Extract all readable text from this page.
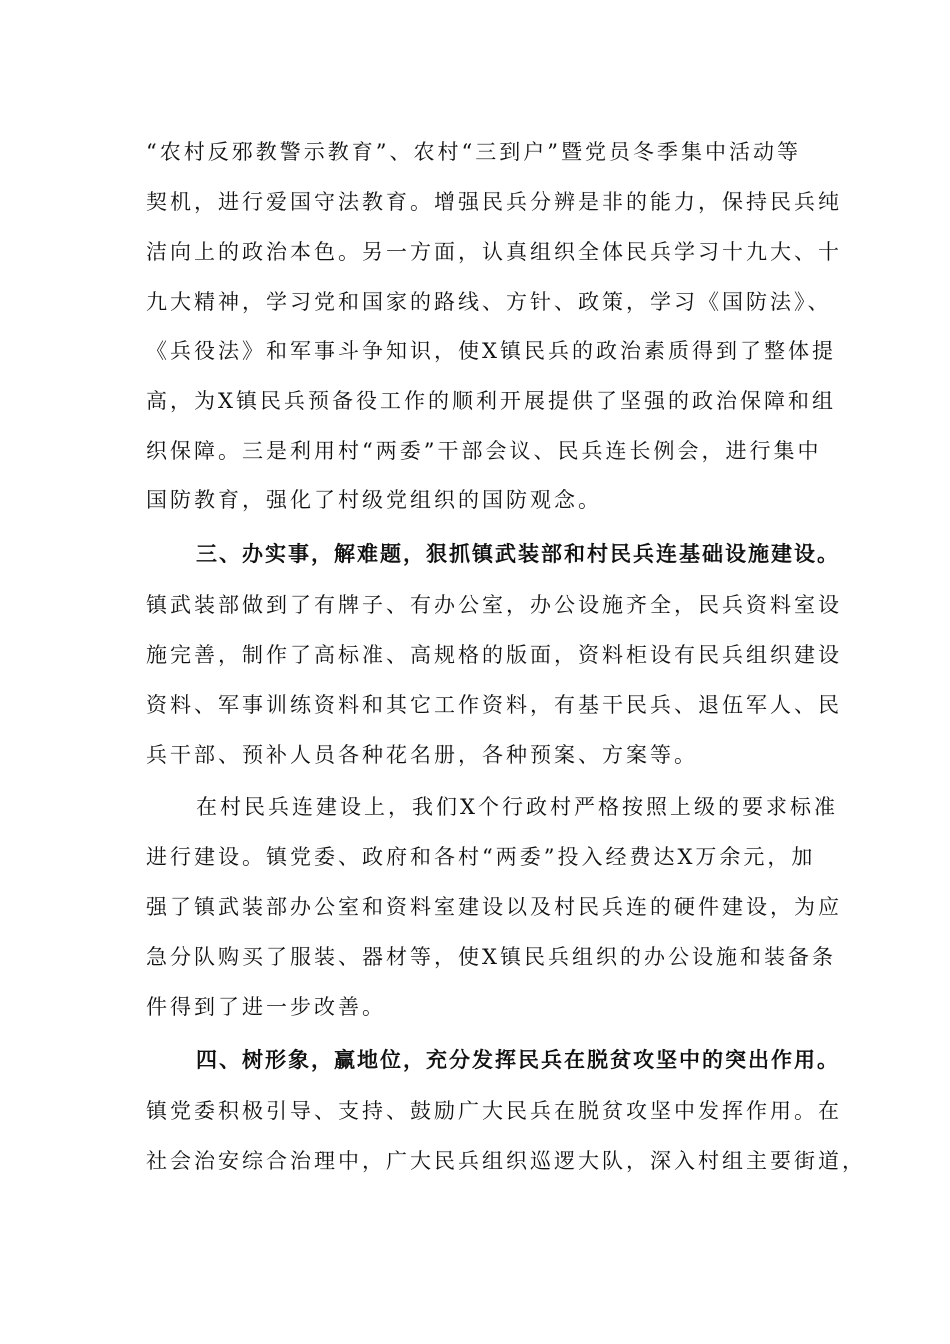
“农村反邪教警示教育”、农村“三到户”暨党员冬季集中活动等
契机，进行爱国守法教育。增强民兵分辨是非的能力，保持民兵纯
洁向上的政治本色。另一方面，认真组织全体民兵学习十九大、十
九大精神，学习党和国家的路线、方针、政策，学习《国防法》、
《兵役法》和军事斗争知识，使X镇民兵的政治素质得到了整体提
高，为X镇民兵预备役工作的顺利开展提供了坚强的政治保障和组
织保障。三是利用村“两委”干部会议、民兵连长例会，进行集中
国防教育，强化了村级党组织的国防观念。
三、办实事，解难题，狠抓镇武装部和村民兵连基础设施建设。
镇武装部做到了有牌子、有办公室，办公设施齐全，民兵资料室设
施完善，制作了高标准、高规格的版面，资料柜设有民兵组织建设
资料、军事训练资料和其它工作资料，有基干民兵、退伍军人、民
兵干部、预补人员各种花名册，各种预案、方案等。
在村民兵连建设上，我们X个行政村严格按照上级的要求标准
进行建设。镇党委、政府和各村“两委”投入经费达X万余元，加
强了镇武装部办公室和资料室建设以及村民兵连的硬件建设，为应
急分队购买了服装、器材等，使X镇民兵组织的办公设施和装备条
件得到了进一步改善。
四、树形象，赢地位，充分发挥民兵在脱贫攻坚中的突出作用。
镇党委积极引导、支持、鼓励广大民兵在脱贫攻坚中发挥作用。在
社会治安综合治理中，广大民兵组织巡逻大队，深入村组主要街道，
